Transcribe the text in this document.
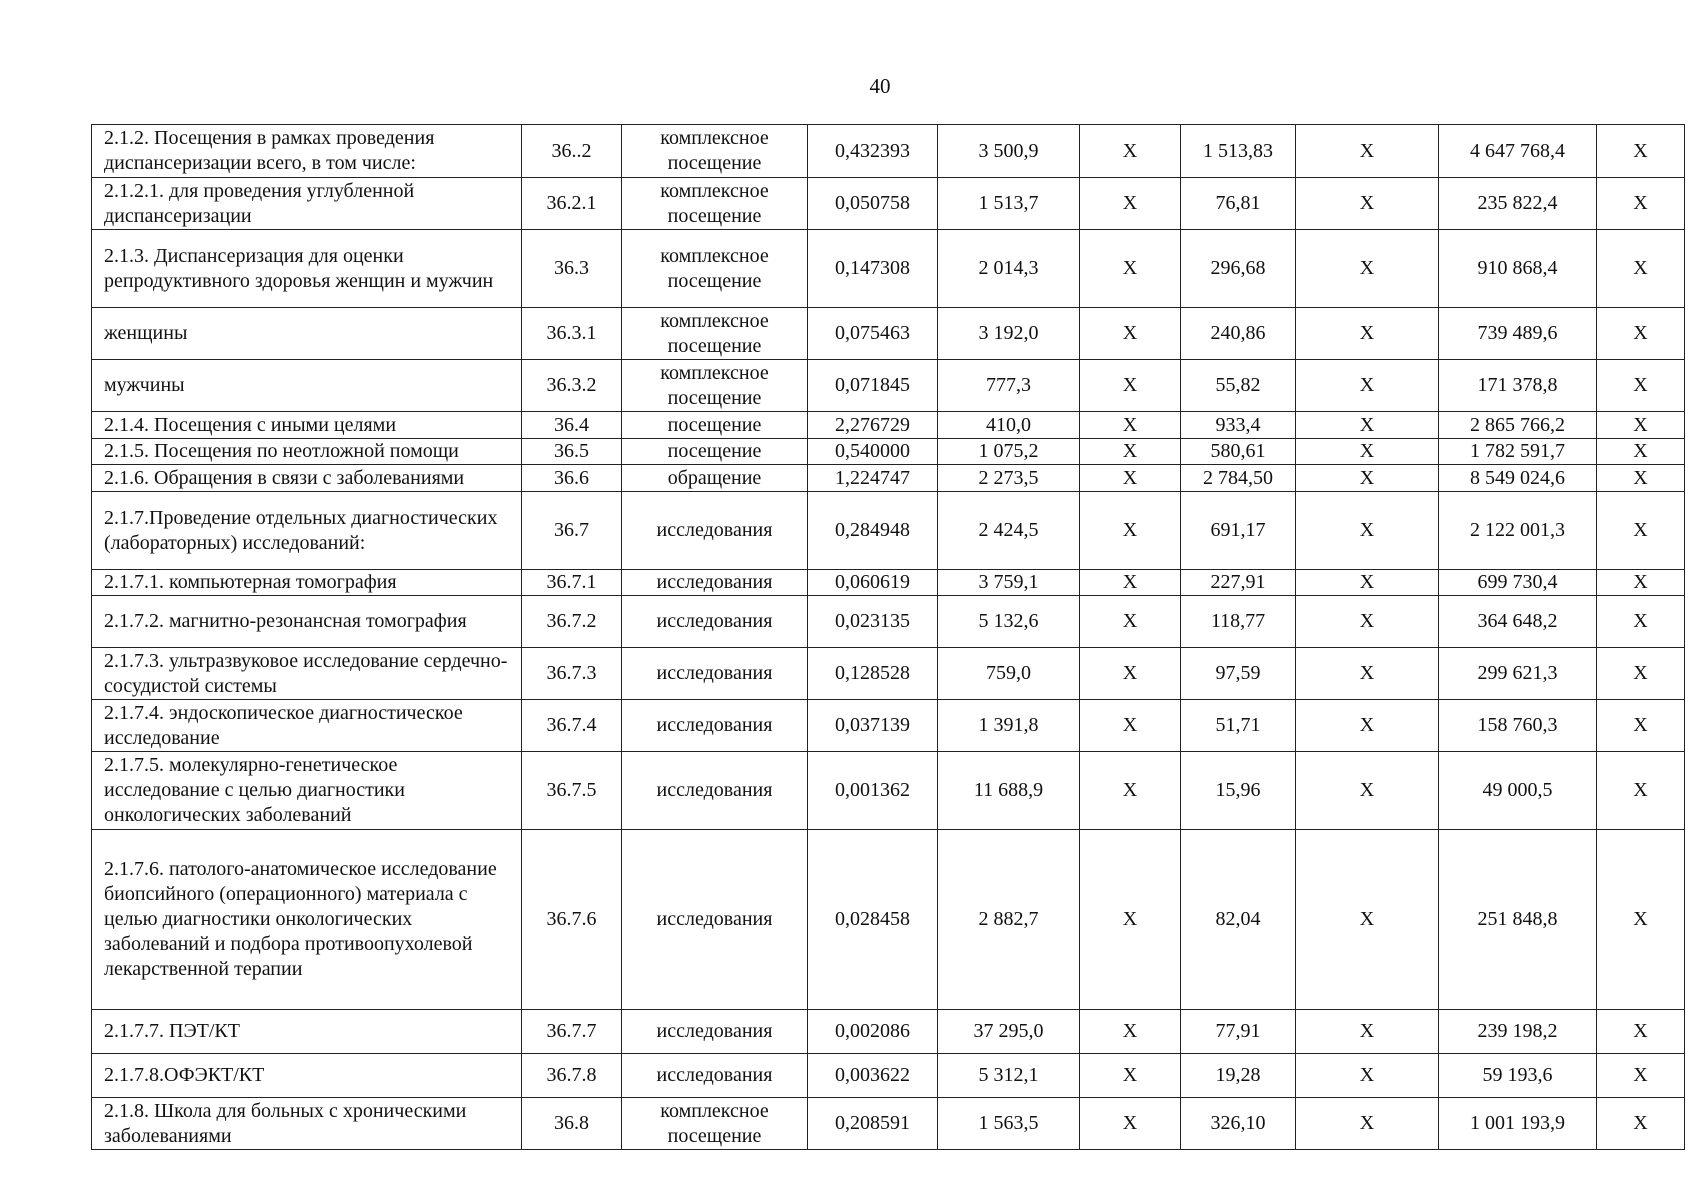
40
2.1.2. Посещения в рамках проведения диспансеризации всего, в том числе:	36..2	комплексное посещение	0,432393	3 500,9	X	1 513,83	X	4 647 768,4	X
2.1.2.1. для проведения углубленной диспансеризации	36.2.1	комплексное посещение	0,050758	1 513,7	X	76,81	X	235 822,4	X
2.1.3. Диспансеризация для оценки репродуктивного здоровья женщин и мужчин	36.3	комплексное посещение	0,147308	2 014,3	X	296,68	X	910 868,4	X
женщины	36.3.1	комплексное посещение	0,075463	3 192,0	X	240,86	X	739 489,6	X
мужчины	36.3.2	комплексное посещение	0,071845	777,3	X	55,82	X	171 378,8	X
2.1.4. Посещения с иными целями	36.4	посещение	2,276729	410,0	X	933,4	X	2 865 766,2	X
2.1.5. Посещения по неотложной помощи	36.5	посещение	0,540000	1 075,2	X	580,61	X	1 782 591,7	X
2.1.6. Обращения в связи с заболеваниями	36.6	обращение	1,224747	2 273,5	X	2 784,50	X	8 549 024,6	X
2.1.7.Проведение отдельных диагностических (лабораторных) исследований:	36.7	исследования	0,284948	2 424,5	X	691,17	X	2 122 001,3	X
2.1.7.1. компьютерная томография	36.7.1	исследования	0,060619	3 759,1	X	227,91	X	699 730,4	X
2.1.7.2. магнитно-резонансная томография	36.7.2	исследования	0,023135	5 132,6	X	118,77	X	364 648,2	X
2.1.7.3. ультразвуковое исследование сердечно-сосудистой системы	36.7.3	исследования	0,128528	759,0	X	97,59	X	299 621,3	X
2.1.7.4. эндоскопическое диагностическое исследование	36.7.4	исследования	0,037139	1 391,8	X	51,71	X	158 760,3	X
2.1.7.5. молекулярно-генетическое исследование с целью диагностики онкологических заболеваний	36.7.5	исследования	0,001362	11 688,9	X	15,96	X	49 000,5	X
2.1.7.6. патолого-анатомическое исследование биопсийного (операционного) материала с целью диагностики онкологических заболеваний и подбора противоопухолевой лекарственной терапии	36.7.6	исследования	0,028458	2 882,7	X	82,04	X	251 848,8	X
2.1.7.7. ПЭТ/КТ	36.7.7	исследования	0,002086	37 295,0	X	77,91	X	239 198,2	X
2.1.7.8.ОФЭКТ/КТ	36.7.8	исследования	0,003622	5 312,1	X	19,28	X	59 193,6	X
2.1.8. Школа для больных с хроническими заболеваниями	36.8	комплексное посещение	0,208591	1 563,5	X	326,10	X	1 001 193,9	X
